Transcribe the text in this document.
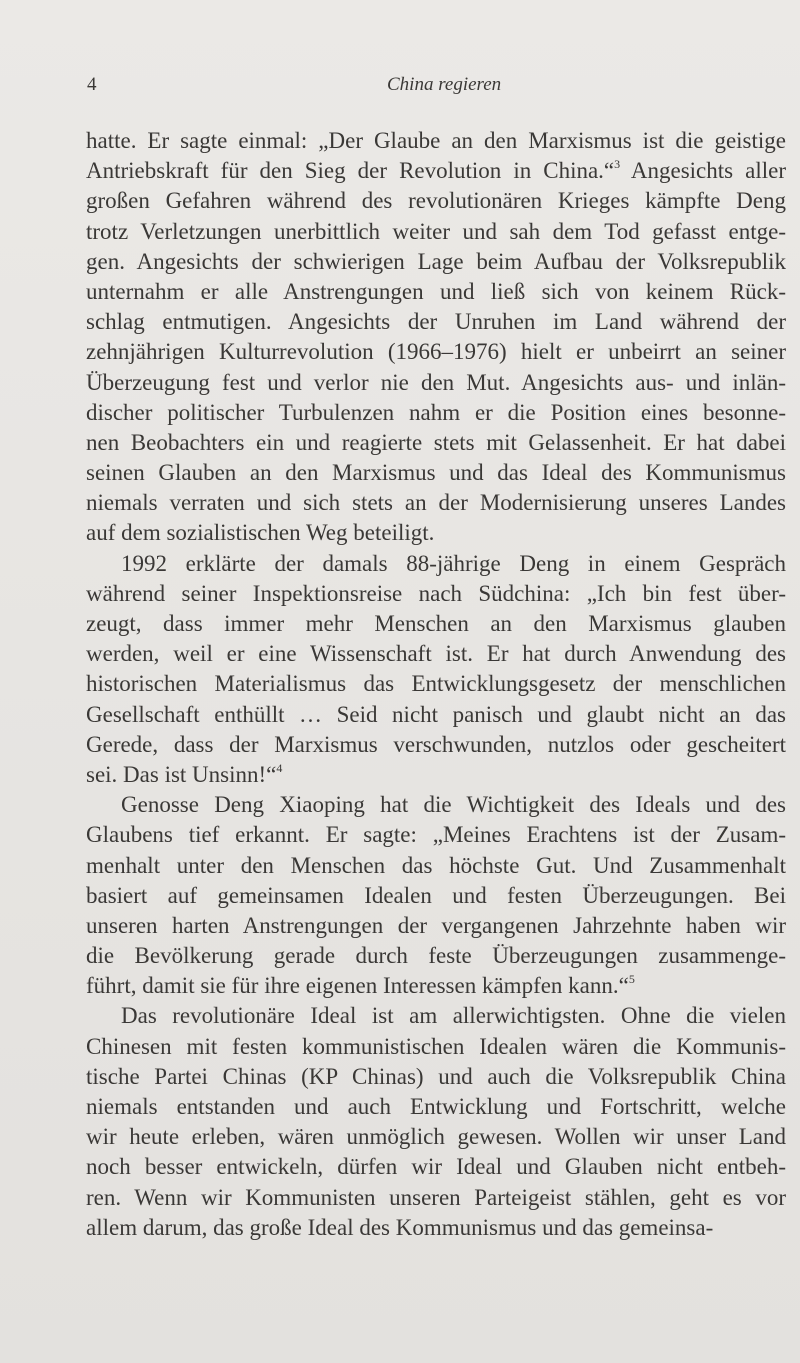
4	China regieren
hatte. Er sagte einmal: „Der Glaube an den Marxismus ist die geistige
Antriebskraft für den Sieg der Revolution in China.“$^3$ Angesichts aller
großen Gefahren während des revolutionären Krieges kämpfte Deng
trotz Verletzungen unerbittlich weiter und sah dem Tod gefasst entge-
gen. Angesichts der schwierigen Lage beim Aufbau der Volksrepublik
unternahm er alle Anstrengungen und ließ sich von keinem Rück-
schlag entmutigen. Angesichts der Unruhen im Land während der
zehnjährigen Kulturrevolution (1966–1976) hielt er unbeirrt an seiner
Überzeugung fest und verlor nie den Mut. Angesichts aus- und inlän-
discher politischer Turbulenzen nahm er die Position eines besonne-
nen Beobachters ein und reagierte stets mit Gelassenheit. Er hat dabei
seinen Glauben an den Marxismus und das Ideal des Kommunismus
niemals verraten und sich stets an der Modernisierung unseres Landes
auf dem sozialistischen Weg beteiligt.
1992 erklärte der damals 88-jährige Deng in einem Gespräch
während seiner Inspektionsreise nach Südchina: „Ich bin fest über-
zeugt, dass immer mehr Menschen an den Marxismus glauben
werden, weil er eine Wissenschaft ist. Er hat durch Anwendung des
historischen Materialismus das Entwicklungsgesetz der menschlichen
Gesellschaft enthüllt … Seid nicht panisch und glaubt nicht an das
Gerede, dass der Marxismus verschwunden, nutzlos oder gescheitert
sei. Das ist Unsinn!“$^4$
Genosse Deng Xiaoping hat die Wichtigkeit des Ideals und des
Glaubens tief erkannt. Er sagte: „Meines Erachtens ist der Zusam-
menhalt unter den Menschen das höchste Gut. Und Zusammenhalt
basiert auf gemeinsamen Idealen und festen Überzeugungen. Bei
unseren harten Anstrengungen der vergangenen Jahrzehnte haben wir
die Bevölkerung gerade durch feste Überzeugungen zusammenge-
führt, damit sie für ihre eigenen Interessen kämpfen kann.“$^5$
Das revolutionäre Ideal ist am allerwichtigsten. Ohne die vielen
Chinesen mit festen kommunistischen Idealen wären die Kommunis-
tische Partei Chinas (KP Chinas) und auch die Volksrepublik China
niemals entstanden und auch Entwicklung und Fortschritt, welche
wir heute erleben, wären unmöglich gewesen. Wollen wir unser Land
noch besser entwickeln, dürfen wir Ideal und Glauben nicht entbeh-
ren. Wenn wir Kommunisten unseren Parteigeist stählen, geht es vor
allem darum, das große Ideal des Kommunismus und das gemeinsa-
